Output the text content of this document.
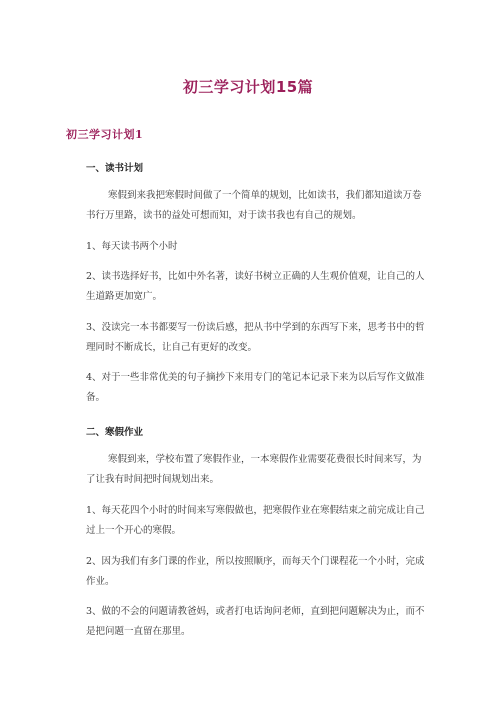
初三学习计划15篇
初三学习计划1
一、读书计划
寒假到来我把寒假时间做了一个简单的规划，比如读书，我们都知道读万卷书行万里路，读书的益处可想而知，对于读书我也有自己的规划。
1、每天读书两个小时
2、读书选择好书，比如中外名著，读好书树立正确的人生观价值观，让自己的人生道路更加宽广。
3、没读完一本书都要写一份读后感，把从书中学到的东西写下来，思考书中的哲理同时不断成长，让自己有更好的改变。
4、对于一些非常优美的句子摘抄下来用专门的笔记本记录下来为以后写作文做准备。
二、寒假作业
寒假到来，学校布置了寒假作业，一本寒假作业需要花费很长时间来写，为了让我有时间把时间规划出来。
1、每天花四个小时的时间来写寒假做也，把寒假作业在寒假结束之前完成让自己过上一个开心的寒假。
2、因为我们有多门课的作业，所以按照顺序，而每天个门课程花一个小时，完成作业。
3、做的不会的问题请教爸妈，或者打电话询问老师，直到把问题解决为止，而不是把问题一直留在那里。
